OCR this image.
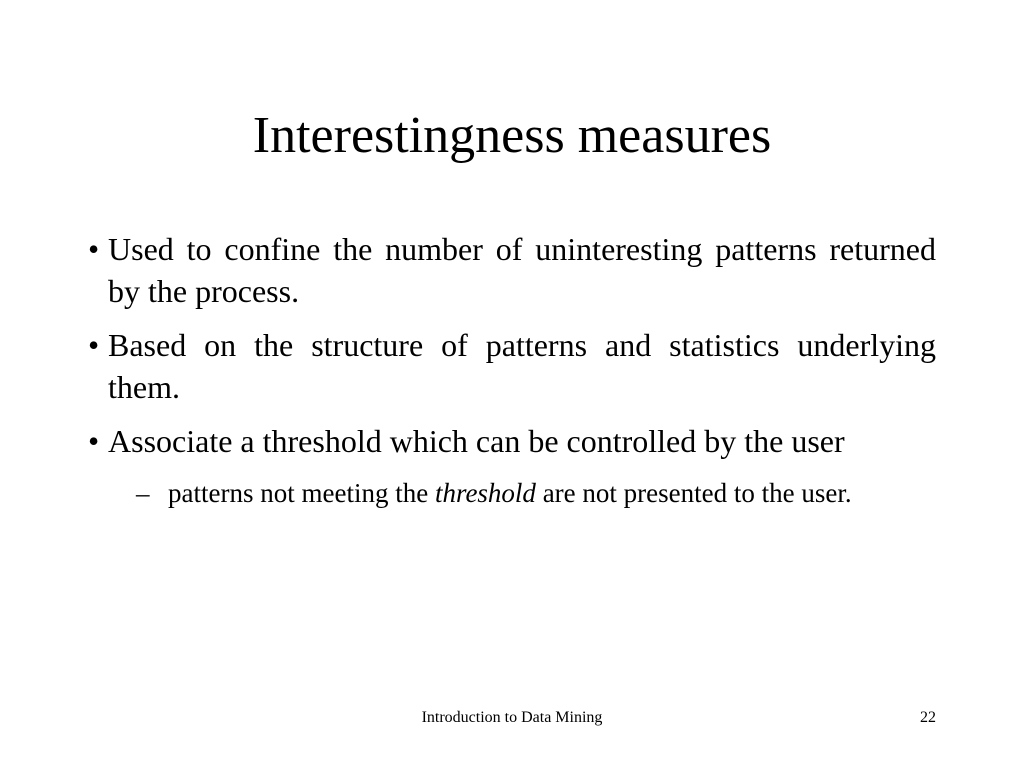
Interestingness measures
• Used to confine the number of uninteresting patterns returned by the process.
• Based on the structure of patterns and statistics underlying them.
• Associate a threshold which can be controlled by the user
– patterns not meeting the threshold are not presented to the user.
Introduction to Data Mining	22
